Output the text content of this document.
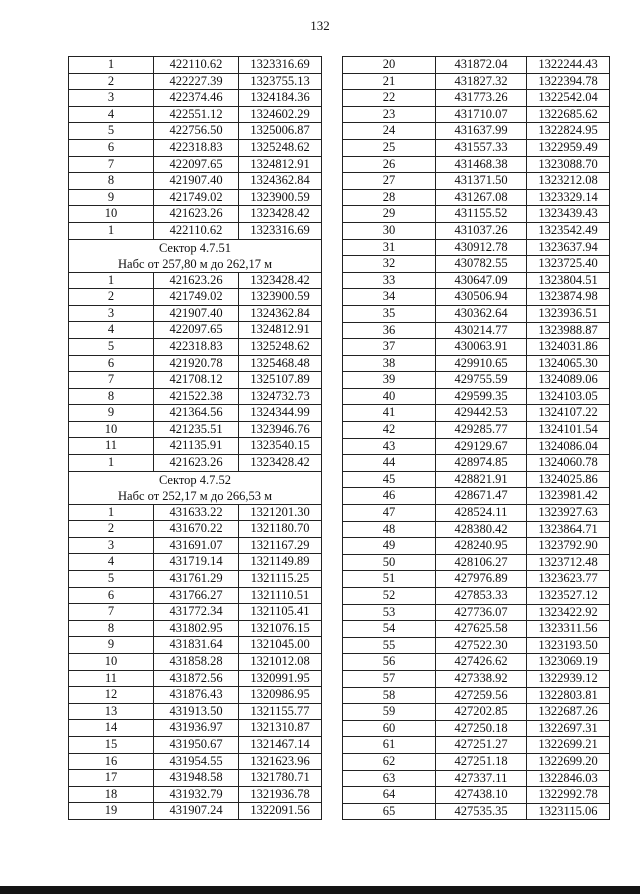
132
1	422110.62	1323316.69
2	422227.39	1323755.13
3	422374.46	1324184.36
4	422551.12	1324602.29
5	422756.50	1325006.87
6	422318.83	1325248.62
7	422097.65	1324812.91
8	421907.40	1324362.84
9	421749.02	1323900.59
10	421623.26	1323428.42
1	422110.62	1323316.69

Сектор 4.7.51
Набс от 257,80 м до 262,17 м		

1	421623.26	1323428.42
2	421749.02	1323900.59
3	421907.40	1324362.84
4	422097.65	1324812.91
5	422318.83	1325248.62
6	421920.78	1325468.48
7	421708.12	1325107.89
8	421522.38	1324732.73
9	421364.56	1324344.99
10	421235.51	1323946.76
11	421135.91	1323540.15
1	421623.26	1323428.42

Сектор 4.7.52
Набс от 252,17 м до 266,53 м		

1	431633.22	1321201.30
2	431670.22	1321180.70
3	431691.07	1321167.29
4	431719.14	1321149.89
5	431761.29	1321115.25
6	431766.27	1321110.51
7	431772.34	1321105.41
8	431802.95	1321076.15
9	431831.64	1321045.00
10	431858.28	1321012.08
11	431872.56	1320991.95
12	431876.43	1320986.95
13	431913.50	1321155.77
14	431936.97	1321310.87
15	431950.67	1321467.14
16	431954.55	1321623.96
17	431948.58	1321780.71
18	431932.79	1321936.78
19	431907.24	1322091.56
20	431872.04	1322244.43
21	431827.32	1322394.78
22	431773.26	1322542.04
23	431710.07	1322685.62
24	431637.99	1322824.95
25	431557.33	1322959.49
26	431468.38	1323088.70
27	431371.50	1323212.08
28	431267.08	1323329.14
29	431155.52	1323439.43
30	431037.26	1323542.49
31	430912.78	1323637.94
32	430782.55	1323725.40
33	430647.09	1323804.51
34	430506.94	1323874.98
35	430362.64	1323936.51
36	430214.77	1323988.87
37	430063.91	1324031.86
38	429910.65	1324065.30
39	429755.59	1324089.06
40	429599.35	1324103.05
41	429442.53	1324107.22
42	429285.77	1324101.54
43	429129.67	1324086.04
44	428974.85	1324060.78
45	428821.91	1324025.86
46	428671.47	1323981.42
47	428524.11	1323927.63
48	428380.42	1323864.71
49	428240.95	1323792.90
50	428106.27	1323712.48
51	427976.89	1323623.77
52	427853.33	1323527.12
53	427736.07	1323422.92
54	427625.58	1323311.56
55	427522.30	1323193.50
56	427426.62	1323069.19
57	427338.92	1322939.12
58	427259.56	1322803.81
59	427202.85	1322687.26
60	427250.18	1322697.31
61	427251.27	1322699.21
62	427251.18	1322699.20
63	427337.11	1322846.03
64	427438.10	1322992.78
65	427535.35	1323115.06
